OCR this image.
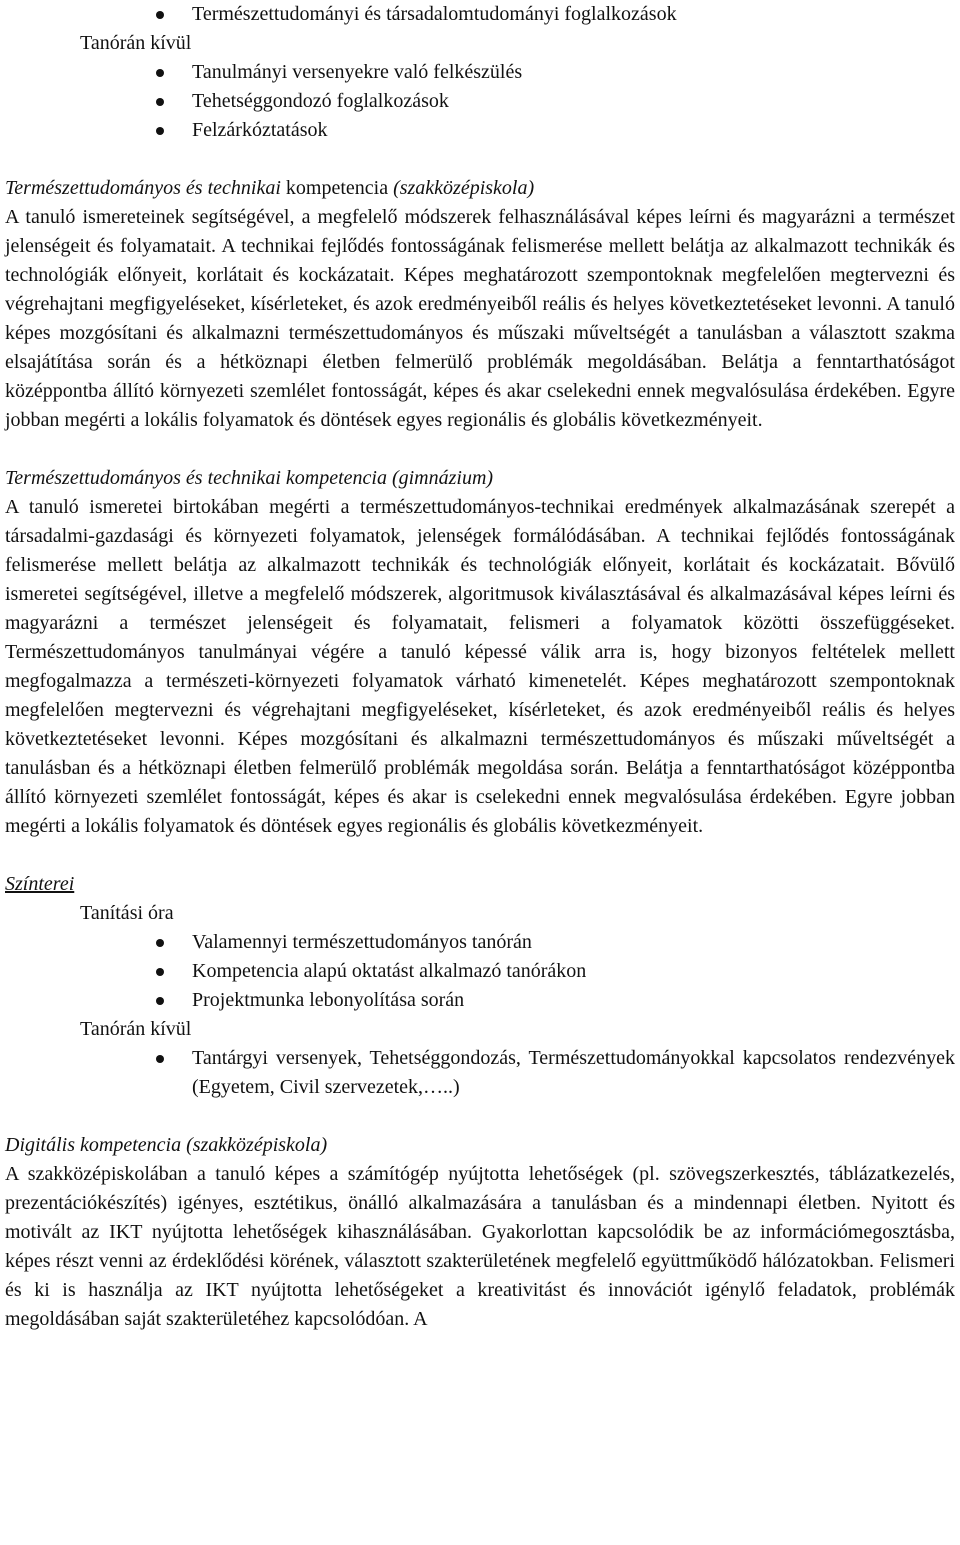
Természettudományi és társadalomtudományi foglalkozások

Tanórán kívül

Tanulmányi versenyekre való felkészülés
Tehetséggondozó foglalkozások
Felzárkóztatások

Természettudományos és technikai kompetencia (szakközépiskola)

A tanuló ismereteinek segítségével, a megfelelő módszerek felhasználásával képes leírni és magyarázni a természet jelenségeit és folyamatait. A technikai fejlődés fontosságának felismerése mellett belátja az alkalmazott technikák és technológiák előnyeit, korlátait és kockázatait. Képes meghatározott szempontoknak megfelelően megtervezni és végrehajtani megfigyeléseket, kísérleteket, és azok eredményeiből reális és helyes következtetéseket levonni. A tanuló képes mozgósítani és alkalmazni természettudományos és műszaki műveltségét a tanulásban a választott szakma elsajátítása során és a hétköznapi életben felmerülő problémák megoldásában. Belátja a fenntarthatóságot középpontba állító környezeti szemlélet fontosságát, képes és akar cselekedni ennek megvalósulása érdekében. Egyre jobban megérti a lokális folyamatok és döntések egyes regionális és globális következményeit.

Természettudományos és technikai kompetencia (gimnázium)

A tanuló ismeretei birtokában megérti a természettudományos-technikai eredmények alkalmazásának szerepét a társadalmi-gazdasági és környezeti folyamatok, jelenségek formálódásában. A technikai fejlődés fontosságának felismerése mellett belátja az alkalmazott technikák és technológiák előnyeit, korlátait és kockázatait. Bővülő ismeretei segítségével, illetve a megfelelő módszerek, algoritmusok kiválasztásával és alkalmazásával képes leírni és magyarázni a természet jelenségeit és folyamatait, felismeri a folyamatok közötti összefüggéseket. Természettudományos tanulmányai végére a tanuló képessé válik arra is, hogy bizonyos feltételek mellett megfogalmazza a természeti-környezeti folyamatok várható kimenetelét. Képes meghatározott szempontoknak megfelelően megtervezni és végrehajtani megfigyeléseket, kísérleteket, és azok eredményeiből reális és helyes következtetéseket levonni. Képes mozgósítani és alkalmazni természettudományos és műszaki műveltségét a tanulásban és a hétköznapi életben felmerülő problémák megoldása során. Belátja a fenntarthatóságot középpontba állító környezeti szemlélet fontosságát, képes és akar is cselekedni ennek megvalósulása érdekében. Egyre jobban megérti a lokális folyamatok és döntések egyes regionális és globális következményeit.

Színterei

Tanítási óra

Valamennyi természettudományos tanórán
Kompetencia alapú oktatást alkalmazó tanórákon
Projektmunka lebonyolítása során

Tanórán kívül

Tantárgyi versenyek, Tehetséggondozás, Természettudományokkal kapcsolatos rendezvények (Egyetem, Civil szervezetek,…..)

Digitális kompetencia (szakközépiskola)

A szakközépiskolában a tanuló képes a számítógép nyújtotta lehetőségek (pl. szövegszerkesztés, táblázatkezelés, prezentációkészítés) igényes, esztétikus, önálló alkalmazására a tanulásban és a mindennapi életben. Nyitott és motivált az IKT nyújtotta lehetőségek kihasználásában. Gyakorlottan kapcsolódik be az információmegosztásba, képes részt venni az érdeklődési körének, választott szakterületének megfelelő együttműködő hálózatokban. Felismeri és ki is használja az IKT nyújtotta lehetőségeket a kreativitást és innovációt igénylő feladatok, problémák megoldásában saját szakterületéhez kapcsolódóan. A
